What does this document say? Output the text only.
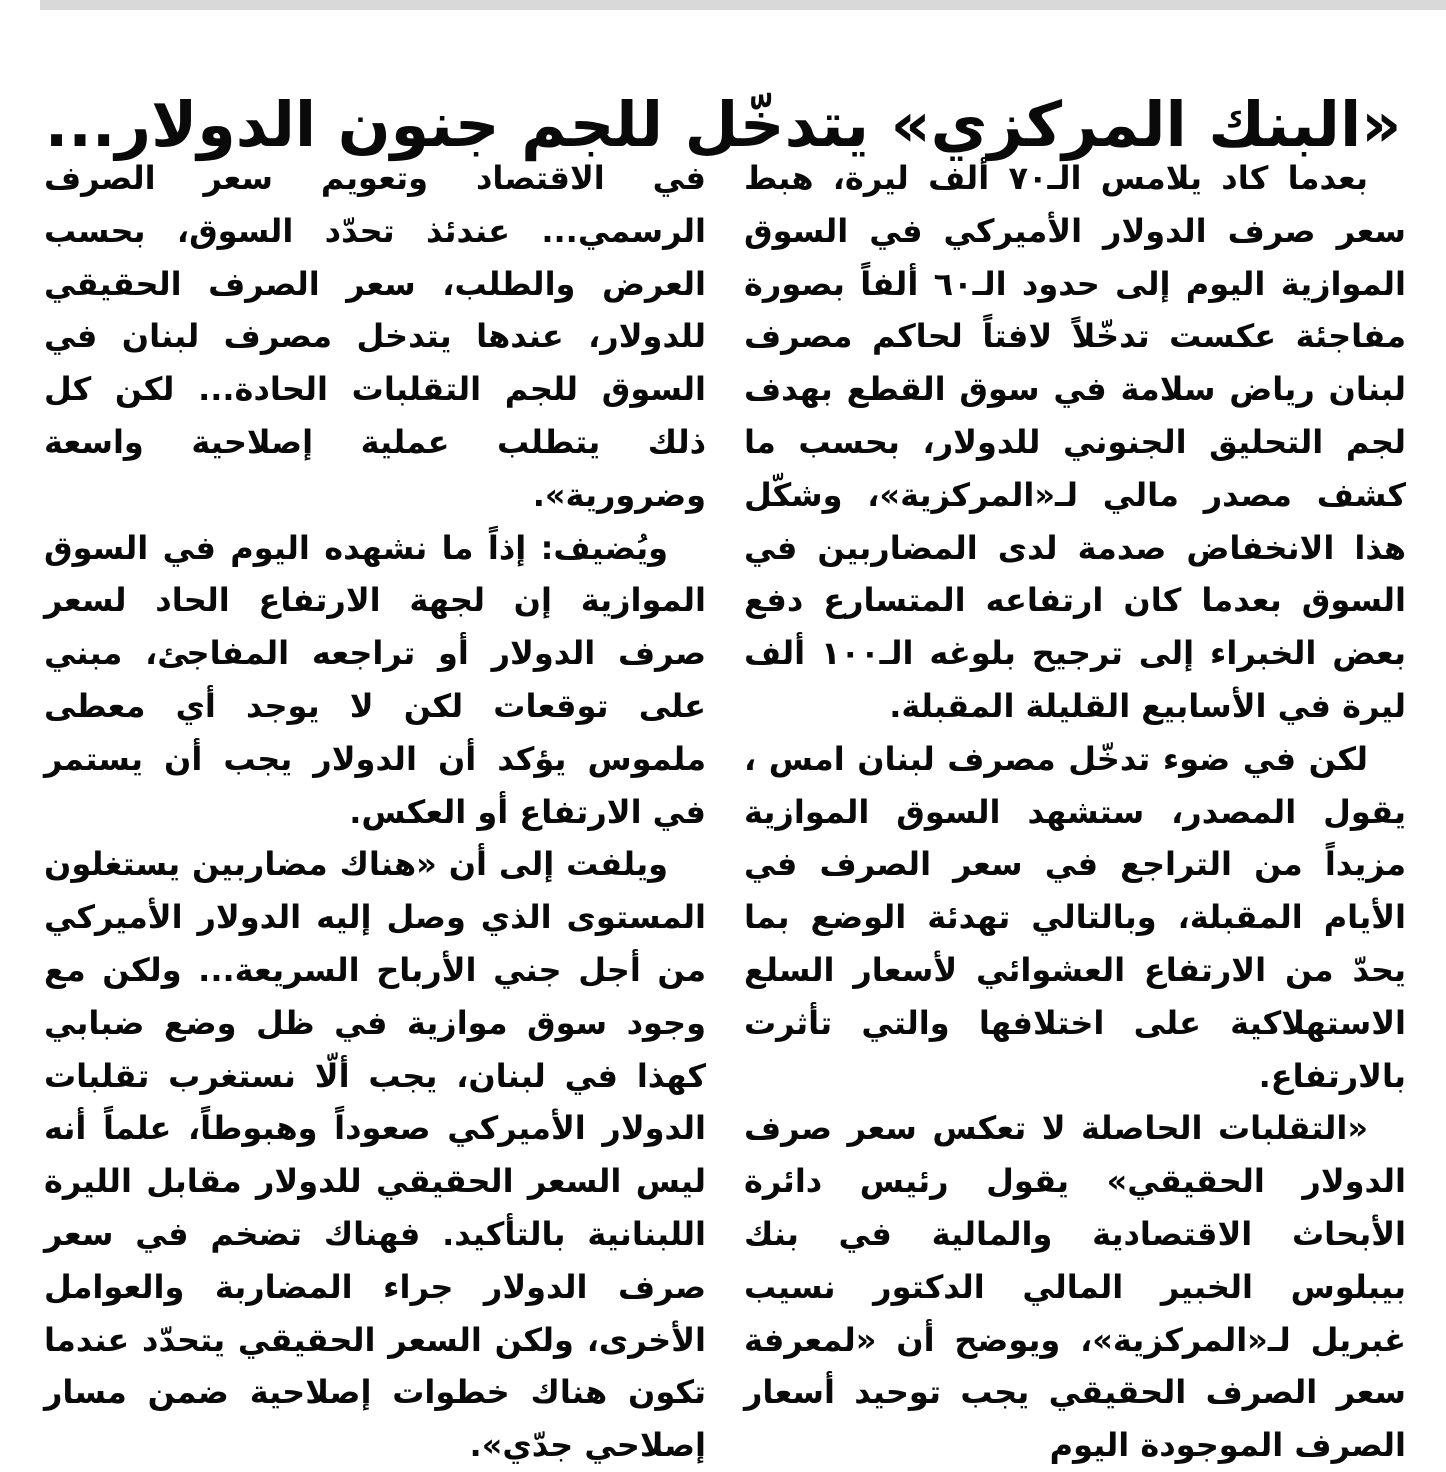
«البنك المركزي» يتدخّل للجم جنون الدولار...

بعدما كاد يلامس الـ٧٠ ألف ليرة، هبط سعر صرف الدولار الأميركي في السوق الموازية اليوم إلى حدود الـ٦٠ ألفاً بصورة مفاجئة عكست تدخّلاً لافتاً لحاكم مصرف لبنان رياض سلامة في سوق القطع بهدف لجم التحليق الجنوني للدولار، بحسب ما كشف مصدر مالي لـ«المركزية»، وشكّل هذا الانخفاض صدمة لدى المضاربين في السوق بعدما كان ارتفاعه المتسارع دفع بعض الخبراء إلى ترجيح بلوغه الـ١٠٠ ألف ليرة في الأسابيع القليلة المقبلة.

لكن في ضوء تدخّل مصرف لبنان امس ، يقول المصدر، ستشهد السوق الموازية مزيداً من التراجع في سعر الصرف في الأيام المقبلة، وبالتالي تهدئة الوضع بما يحدّ من الارتفاع العشوائي لأسعار السلع الاستهلاكية على اختلافها والتي تأثرت بالارتفاع.

«التقلبات الحاصلة لا تعكس سعر صرف الدولار الحقيقي» يقول رئيس دائرة الأبحاث الاقتصادية والمالية في بنك بيبلوس الخبير المالي الدكتور نسيب غبريل لـ«المركزية»، ويوضح أن «لمعرفة سعر الصرف الحقيقي يجب توحيد أسعار الصرف الموجودة اليوم

في الاقتصاد وتعويم سعر الصرف الرسمي... عندئذ تحدّد السوق، بحسب العرض والطلب، سعر الصرف الحقيقي للدولار، عندها يتدخل مصرف لبنان في السوق للجم التقلبات الحادة... لكن كل ذلك يتطلب عملية إصلاحية واسعة وضرورية».

ويُضيف: إذاً ما نشهده اليوم في السوق الموازية إن لجهة الارتفاع الحاد لسعر صرف الدولار أو تراجعه المفاجئ، مبني على توقعات لكن لا يوجد أي معطى ملموس يؤكد أن الدولار يجب أن يستمر في الارتفاع أو العكس.

ويلفت إلى أن «هناك مضاربين يستغلون المستوى الذي وصل إليه الدولار الأميركي من أجل جني الأرباح السريعة... ولكن مع وجود سوق موازية في ظل وضع ضبابي كهذا في لبنان، يجب ألّا نستغرب تقلبات الدولار الأميركي صعوداً وهبوطاً، علماً أنه ليس السعر الحقيقي للدولار مقابل الليرة اللبنانية بالتأكيد. فهناك تضخم في سعر صرف الدولار جراء المضاربة والعوامل الأخرى، ولكن السعر الحقيقي يتحدّد عندما تكون هناك خطوات إصلاحية ضمن مسار إصلاحي جدّي».
